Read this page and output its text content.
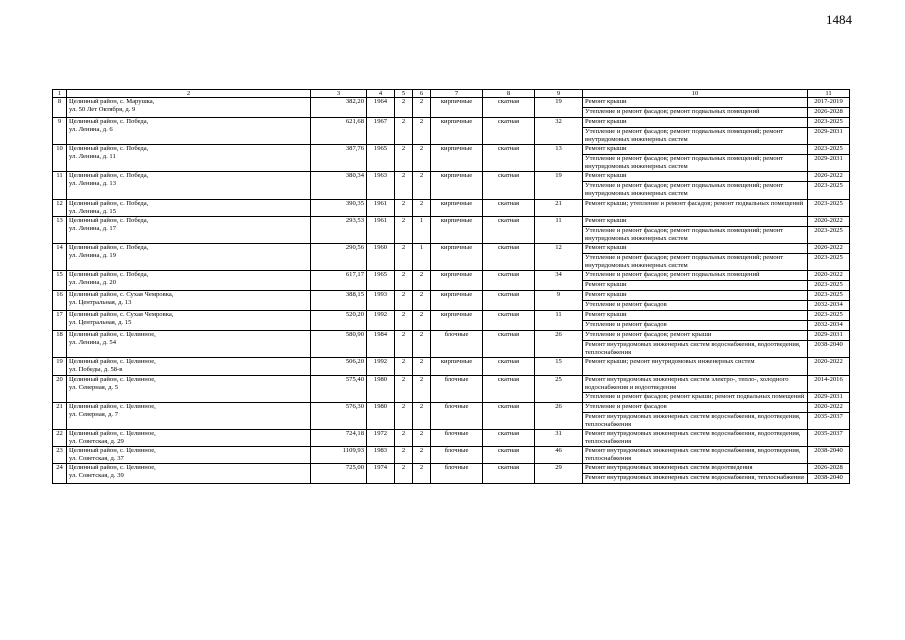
1484
1	2	3	4	5	6	7	8	9	10	11
8	Целинный район, с. Марушка,
ул. 50 Лет Октября, д. 9	382,20	1964	2	2	кирпичные	скатная	19	Ремонт крыши	2017-2019
									Утепление и ремонт фасадов; ремонт подвальных помещений	2026-2028
9	Целинный район, с. Победа,
ул. Ленина, д. 6	621,68	1967	2	2	кирпичные	скатная	32	Ремонт крыши	2023-2025
									Утепление и ремонт фасадов; ремонт подвальных помещений; ремонт внутридомовых инженерных систем	2029-2031
10	Целинный район, с. Победа,
ул. Ленина, д. 11	387,76	1965	2	2	кирпичные	скатная	13	Ремонт крыши	2023-2025
									Утепление и ремонт фасадов; ремонт подвальных помещений; ремонт внутридомовых инженерных систем	2029-2031
11	Целинный район, с. Победа,
ул. Ленина, д. 13	380,34	1963	2	2	кирпичные	скатная	19	Ремонт крыши	2020-2022
									Утепление и ремонт фасадов; ремонт подвальных помещений; ремонт внутридомовых инженерных систем	2023-2025
12	Целинный район, с. Победа,
ул. Ленина, д. 15	390,35	1961	2	2	кирпичные	скатная	21	Ремонт крыши; утепление и ремонт фасадов; ремонт подвальных помещений	2023-2025
13	Целинный район, с. Победа,
ул. Ленина, д. 17	293,53	1961	2	1	кирпичные	скатная	11	Ремонт крыши	2020-2022
									Утепление и ремонт фасадов; ремонт подвальных помещений; ремонт внутридомовых инженерных систем	2023-2025
14	Целинный район, с. Победа,
ул. Ленина, д. 19	290,56	1960	2	1	кирпичные	скатная	12	Ремонт крыши	2020-2022
									Утепление и ремонт фасадов; ремонт подвальных помещений; ремонт внутридомовых инженерных систем	2023-2025
15	Целинный район, с. Победа,
ул. Ленина, д. 20	617,17	1965	2	2	кирпичные	скатная	34	Утепление и ремонт фасадов; ремонт подвальных помещений	2020-2022
									Ремонт крыши	2023-2025
16	Целинный район, с. Сухая Чемровка,
ул. Центральная, д. 13	388,15	1993	2	2	кирпичные	скатная	9	Ремонт крыши	2023-2025
									Утепление и ремонт фасадов	2032-2034
17	Целинный район, с. Сухая Чемровка,
ул. Центральная, д. 15	520,20	1992	2	2	кирпичные	скатная	11	Ремонт крыши	2023-2025
									Утепление и ремонт фасадов	2032-2034
18	Целинный район, с. Целинное,
ул. Ленина, д. 54	580,90	1984	2	2	блочные	скатная	26	Утепление и ремонт фасадов; ремонт крыши	2029-2031
									Ремонт внутридомовых инженерных систем водоснабжения, водоотведения, теплоснабжения	2038-2040
19	Целинный район, с. Целинное,
ул. Победы, д. 58-в	506,20	1992	2	2	кирпичные	скатная	15	Ремонт крыши; ремонт внутридомовых инженерных систем	2020-2022
20	Целинный район, с. Целинное,
ул. Северная, д. 5	575,40	1980	2	2	блочные	скатная	25	Ремонт внутридомовых инженерных систем электро-, тепло-, холодного водоснабжения и водоотведения	2014-2016
									Утепление и ремонт фасадов; ремонт крыши; ремонт подвальных помещений	2029-2031
21	Целинный район, с. Целинное,
ул. Северная, д. 7	576,30	1980	2	2	блочные	скатная	26	Утепление и ремонт фасадов	2020-2022
									Ремонт внутридомовых инженерных систем водоснабжения, водоотведения, теплоснабжения	2035-2037
22	Целинный район, с. Целинное,
ул. Советская, д. 29	724,18	1972	2	2	блочные	скатная	31	Ремонт внутридомовых инженерных систем водоснабжения, водоотведения, теплоснабжения	2035-2037
23	Целинный район, с. Целинное,
ул. Советская, д. 37	1109,93	1983	2	2	блочные	скатная	46	Ремонт внутридомовых инженерных систем водоснабжения, водоотведения, теплоснабжения	2038-2040
24	Целинный район, с. Целинное,
ул. Советская, д. 39	725,00	1974	2	2	блочные	скатная	29	Ремонт внутридомовых инженерных систем водоотведения	2026-2028
									Ремонт внутридомовых инженерных систем водоснабжения, теплоснабжения	2038-2040
